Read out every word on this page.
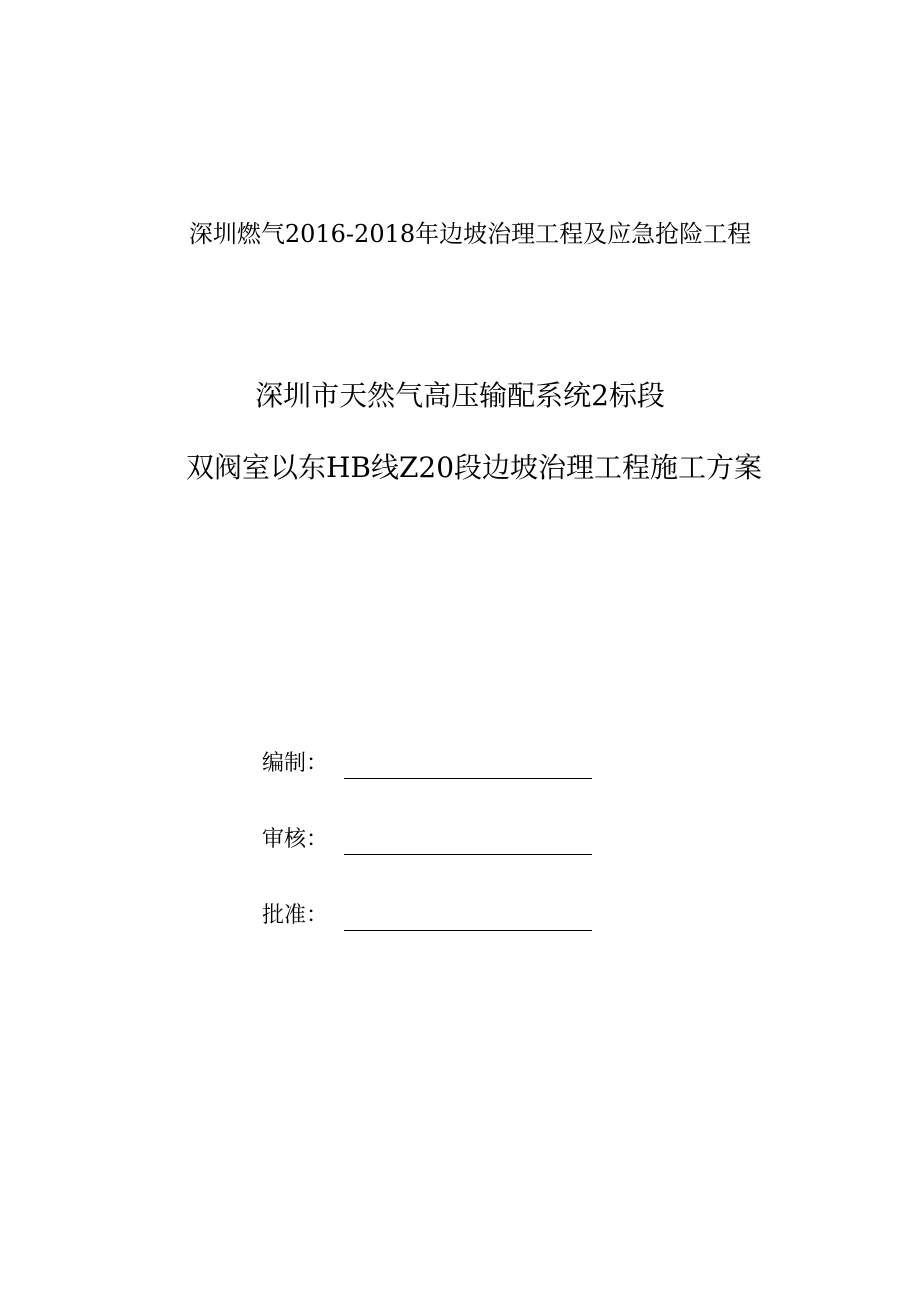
深圳燃气2016-2018年边坡治理工程及应急抢险工程
深圳市天然气高压输配系统2标段
双阀室以东HB线Z20段边坡治理工程施工方案
编制：
审核：
批准：
